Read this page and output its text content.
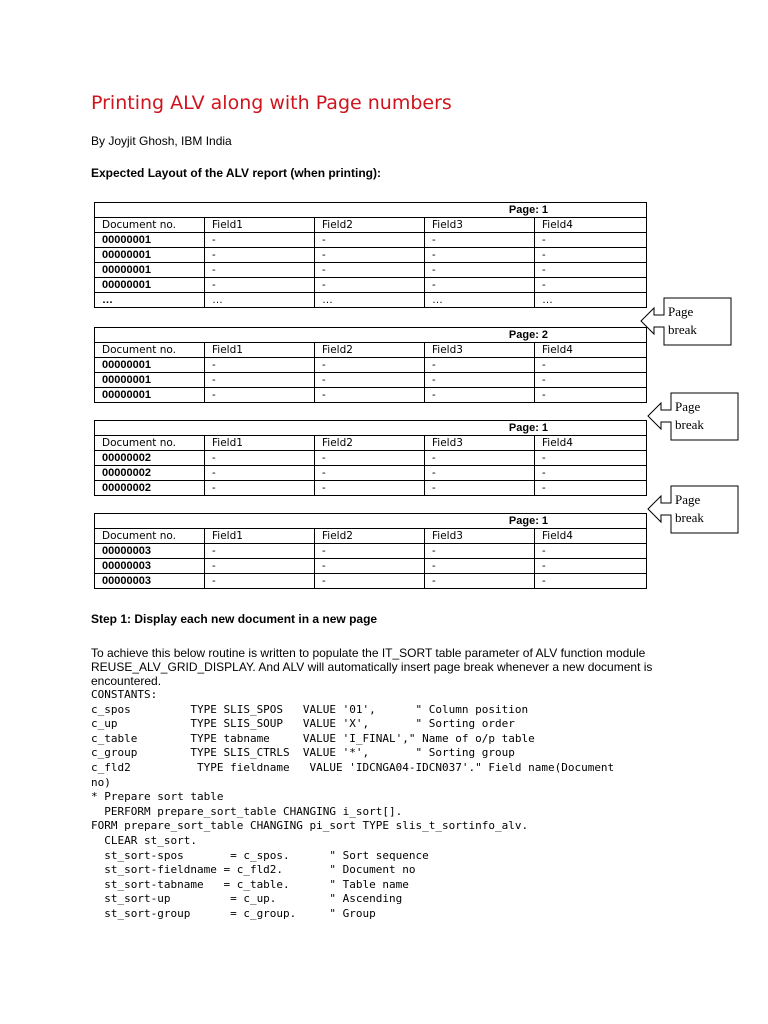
Printing ALV along with Page numbers
By Joyjit Ghosh, IBM India
Expected Layout of the ALV report (when printing):
Page: 1				
Document no.	Field1	Field2	Field3	Field4
00000001	-	-	-	-
00000001	-	-	-	-
00000001	-	-	-	-
00000001	-	-	-	-
…	…	…	…	…
Page: 2				
Document no.	Field1	Field2	Field3	Field4
00000001	-	-	-	-
00000001	-	-	-	-
00000001	-	-	-	-
Page: 1				
Document no.	Field1	Field2	Field3	Field4
00000002	-	-	-	-
00000002	-	-	-	-
00000002	-	-	-	-
Page: 1				
Document no.	Field1	Field2	Field3	Field4
00000003	-	-	-	-
00000003	-	-	-	-
00000003	-	-	-	-
Page
break
Page
break
Page
break
Step 1: Display each new document in a new page
To achieve this below routine is written to populate the IT_SORT table parameter of ALV function module REUSE_ALV_GRID_DISPLAY. And ALV will automatically insert page break whenever a new document is encountered.
CONSTANTS:
c_spos         TYPE SLIS_SPOS   VALUE '01',      " Column position
c_up           TYPE SLIS_SOUP   VALUE 'X',       " Sorting order
c_table        TYPE tabname     VALUE 'I_FINAL'," Name of o/p table
c_group        TYPE SLIS_CTRLS  VALUE '*',       " Sorting group
c_fld2          TYPE fieldname   VALUE 'IDCNGA04-IDCN037'." Field name(Document
no)
* Prepare sort table
PERFORM prepare_sort_table CHANGING i_sort[].
FORM prepare_sort_table CHANGING pi_sort TYPE slis_t_sortinfo_alv.
CLEAR st_sort.
st_sort-spos       = c_spos.      " Sort sequence
st_sort-fieldname = c_fld2.       " Document no
st_sort-tabname   = c_table.      " Table name
st_sort-up         = c_up.        " Ascending
st_sort-group      = c_group.     " Group
